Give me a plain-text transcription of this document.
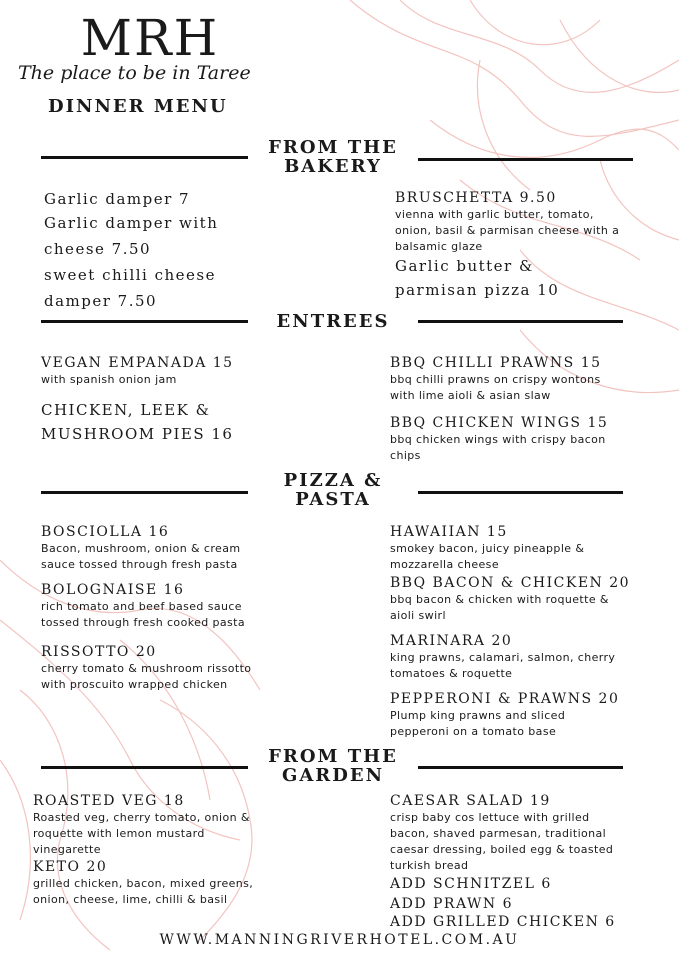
MRH
The place to be in Taree
DINNER MENU
FROM THE
BAKERY
Garlic damper 7
Garlic damper with
cheese 7.50
sweet chilli cheese
damper 7.50
BRUSCHETTA 9.50
vienna with garlic butter, tomato,
onion, basil & parmisan cheese with a
balsamic glaze
Garlic butter &
parmisan pizza 10
ENTREES
VEGAN EMPANADA 15
with spanish onion jam
CHICKEN, LEEK &
MUSHROOM PIES 16
BBQ CHILLI PRAWNS 15
bbq chilli prawns on crispy wontons
with lime aioli & asian slaw
BBQ CHICKEN WINGS 15
bbq chicken wings with crispy bacon
chips
PIZZA &
PASTA
BOSCIOLLA 16
Bacon, mushroom, onion & cream
sauce tossed through fresh pasta
BOLOGNAISE 16
rich tomato and beef based sauce
tossed through fresh cooked pasta
RISSOTTO 20
cherry tomato & mushroom rissotto
with proscuito wrapped chicken
HAWAIIAN 15
smokey bacon, juicy pineapple &
mozzarella cheese
BBQ BACON & CHICKEN 20
bbq bacon & chicken with roquette &
aioli swirl
MARINARA 20
king prawns, calamari, salmon, cherry
tomatoes & roquette
PEPPERONI & PRAWNS 20
Plump king prawns and sliced
pepperoni on a tomato base
FROM THE
GARDEN
ROASTED VEG 18
Roasted veg, cherry tomato, onion &
roquette with lemon mustard
vinegarette
KETO 20
grilled chicken, bacon, mixed greens,
onion, cheese, lime, chilli & basil
CAESAR SALAD 19
crisp baby cos lettuce with grilled
bacon, shaved parmesan, traditional
caesar dressing, boiled egg & toasted
turkish bread
ADD SCHNITZEL 6
ADD PRAWN 6
ADD GRILLED CHICKEN 6
WWW.MANNINGRIVERHOTEL.COM.AU
